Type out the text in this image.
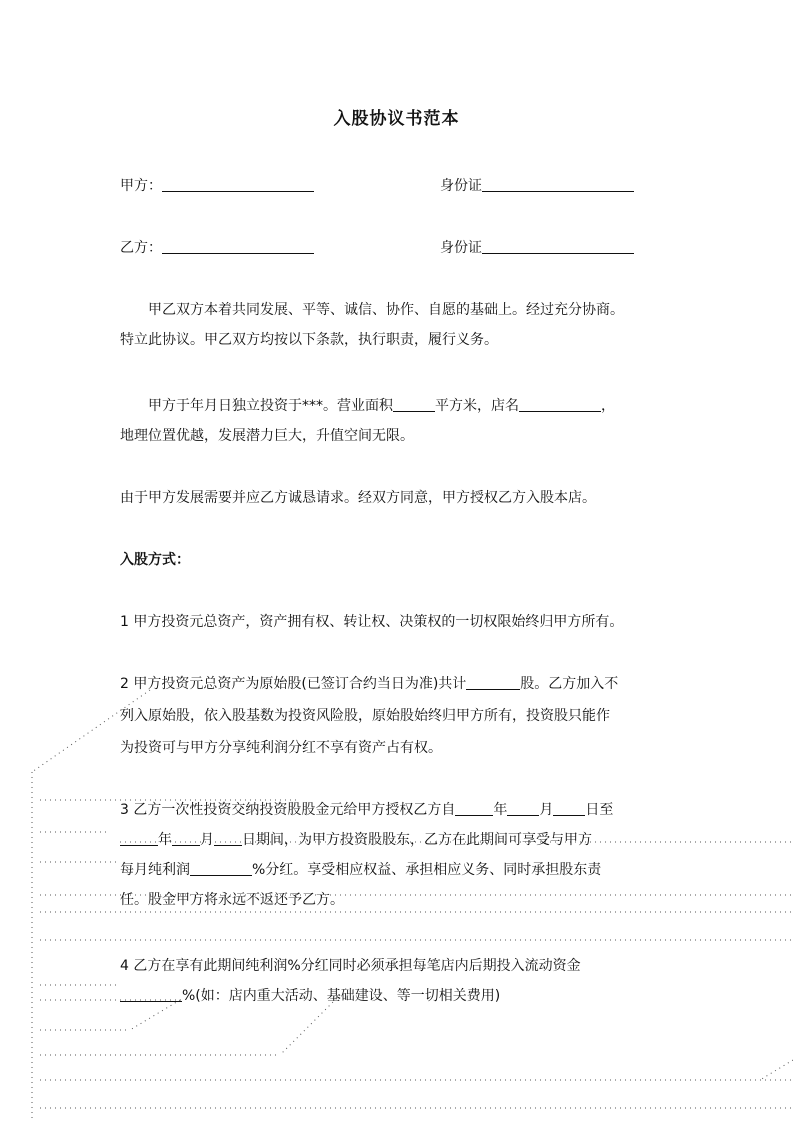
入股协议书范本
甲方：	身份证
乙方：	身份证
甲乙双方本着共同发展、平等、诚信、协作、自愿的基础上。经过充分协商。
特立此协议。甲乙双方均按以下条款，执行职责，履行义务。
甲方于年月日独立投资于***。营业面积	平方米，店名	，
地理位置优越，发展潜力巨大，升值空间无限。
由于甲方发展需要并应乙方诚恳请求。经双方同意，甲方授权乙方入股本店。
入股方式：
1 甲方投资元总资产，资产拥有权、转让权、决策权的一切权限始终归甲方所有。
2 甲方投资元总资产为原始股(已签订合约当日为准)共计	股。乙方加入不
列入原始股，依入股基数为投资风险股，原始股始终归甲方所有，投资股只能作
为投资可与甲方分享纯利润分红不享有资产占有权。
3 乙方一次性投资交纳投资股股金元给甲方授权乙方自	年 月 日至
年 月 日期间，为甲方投资股股东，乙方在此期间可享受与甲方
每月纯利润	%分红。享受相应权益、承担相应义务、同时承担股东责
任。股金甲方将永远不返还予乙方。
4 乙方在享有此期间纯利润%分红同时必须承担每笔店内后期投入流动资金
%(如：店内重大活动、基础建设、等一切相关费用)
